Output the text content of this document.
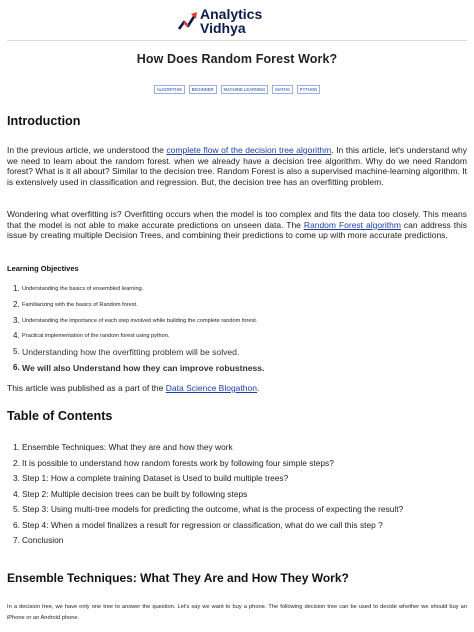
Analytics
Vidhya
How Does Random Forest Work?
ALGORITHM BEGINNER MACHINE LEARNING MATHS PYTHON
Introduction

In the previous article, we understood the complete flow of the decision tree algorithm. In this article, let's understand why we need to learn about the random forest. when we already have a decision tree algorithm. Why do we need Random forest? What is it all about? Similar to the decision tree. Random Forest is also a supervised machine-learning algorithm. It is extensively used in classification and regression. But, the decision tree has an overfitting problem.

Wondering what overfitting is? Overfitting occurs when the model is too complex and fits the data too closely. This means that the model is not able to make accurate predictions on unseen data. The Random Forest algorithm can address this issue by creating multiple Decision Trees, and combining their predictions to come up with more accurate predictions.

Learning Objectives
1. Understanding the basics of ensembled learning.
2. Familiarizing with the basics of Random forest.
3. Understanding the importance of each step involved while building the complete random forest.
4. Practical implementation of the random forest using python.
5. Understanding how the overfitting problem will be solved.
6. We will also Understand how they can improve robustness.

This article was published as a part of the Data Science Blogathon.

Table of Contents
1. Ensemble Techniques: What they are and how they work
2. It is possible to understand how random forests work by following four simple steps?
3. Step 1: How a complete training Dataset is Used to build multiple trees?
4. Step 2: Multiple decision trees can be built by following steps
5. Step 3: Using multi-tree models for predicting the outcome, what is the process of expecting the result?
6. Step 4: When a model finalizes a result for regression or classification, what do we call this step ?
7. Conclusion
Ensemble Techniques: What They Are and How They Work?

In a decision tree, we have only one tree to answer the question. Let's say we want to buy a phone. The following decision tree can be used to decide whether we should buy an iPhone or an Android phone.
